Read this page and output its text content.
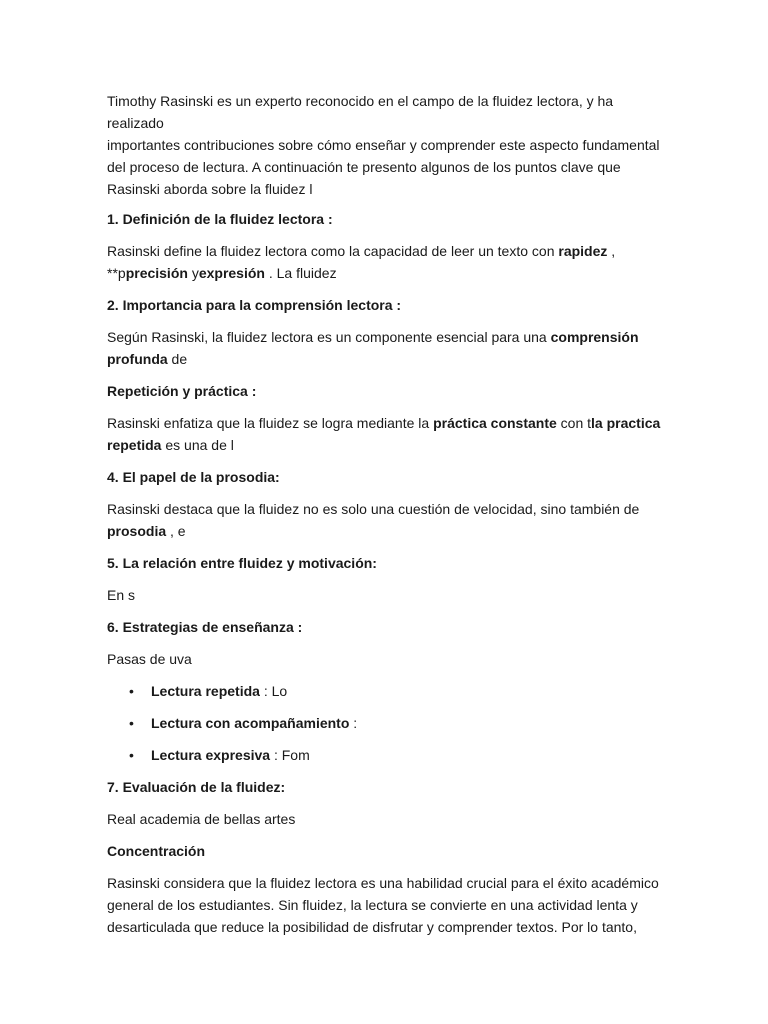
Timothy Rasinski es un experto reconocido en el campo de la fluidez lectora, y ha realizado

importantes contribuciones sobre cómo enseñar y comprender este aspecto fundamental

del proceso de lectura. A continuación te presento algunos de los puntos clave que

Rasinski aborda sobre la fluidez l

1. Definición de la fluidez lectora :

Rasinski define la fluidez lectora como la capacidad de leer un texto con rapidez ,

**pprecisión yexpresión . La fluidez

2. Importancia para la comprensión lectora :

Según Rasinski, la fluidez lectora es un componente esencial para una comprensión

profunda de

Repetición y práctica :

Rasinski enfatiza que la fluidez se logra mediante la práctica constante con tla practica

repetida es una de l

4. El papel de la prosodia:

Rasinski destaca que la fluidez no es solo una cuestión de velocidad, sino también de

prosodia , e

5. La relación entre fluidez y motivación:

En s

6. Estrategias de enseñanza :

Pasas de uva

• Lectura repetida : Lo
• Lectura con acompañamiento :
• Lectura expresiva : Fom

7. Evaluación de la fluidez:

Real academia de bellas artes

Concentración

Rasinski considera que la fluidez lectora es una habilidad crucial para el éxito académico

general de los estudiantes. Sin fluidez, la lectura se convierte en una actividad lenta y

desarticulada que reduce la posibilidad de disfrutar y comprender textos. Por lo tanto,
